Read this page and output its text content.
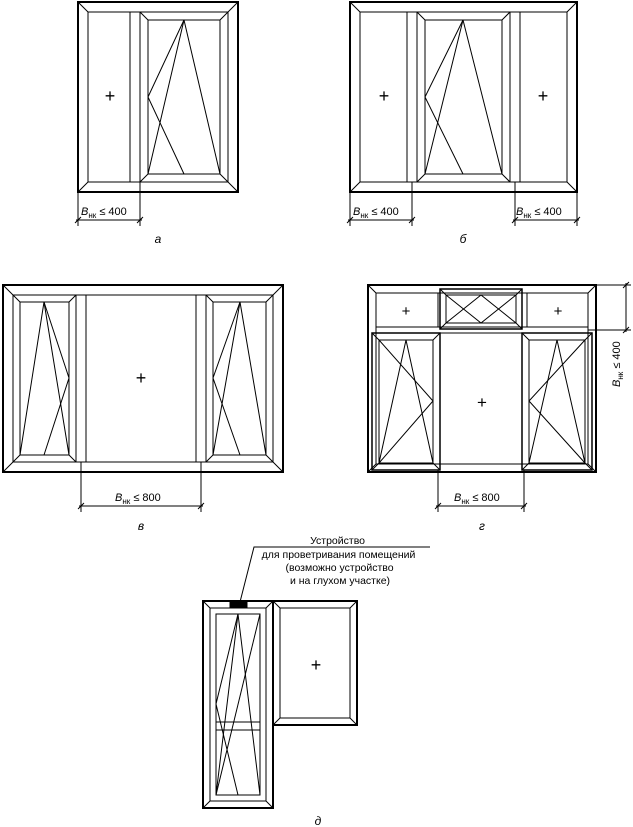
+
$B_{нк} \le 400$
а
+	+
$B_{нк} \le 400$	$B_{нк} \le 400$
б
+
$B_{нк} \le 800$
в
+	+
+
$B_{нк} \le 800$
$B_{нк} \le 400$
г
+
Устройство для проветривания помещений (возможно устройство и на глухом участке)
д
